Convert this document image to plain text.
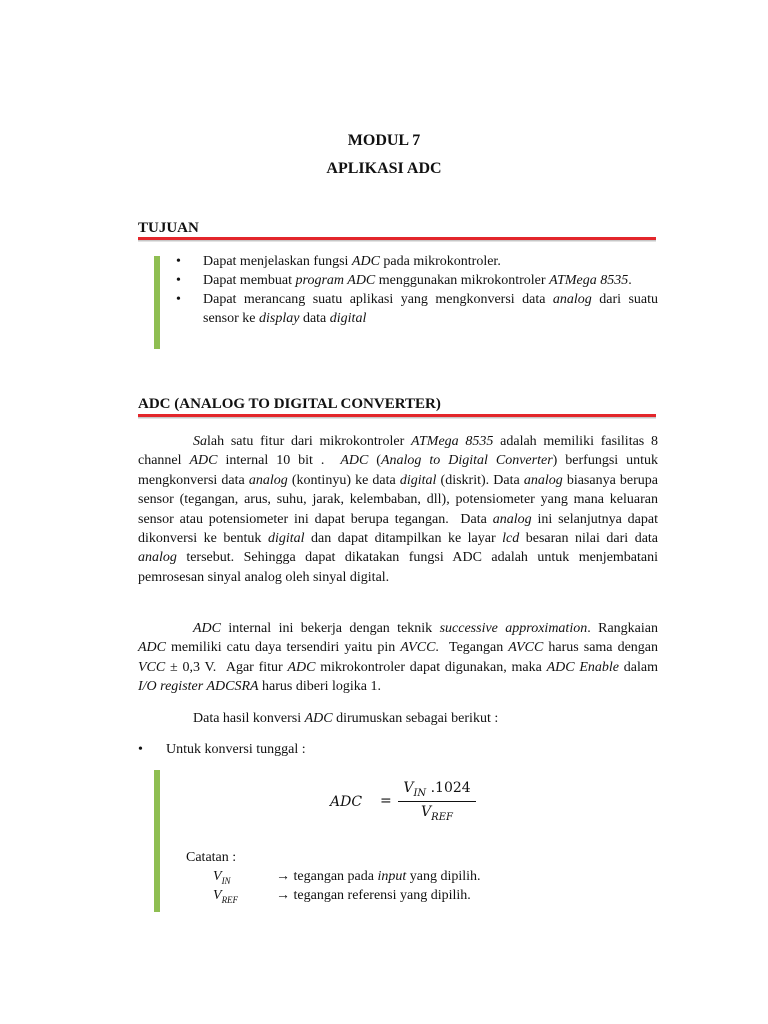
MODUL 7
APLIKASI ADC
TUJUAN
• Dapat menjelaskan fungsi ADC pada mikrokontroler.
• Dapat membuat program ADC menggunakan mikrokontroler ATMega 8535.
• Dapat merancang suatu aplikasi yang mengkonversi data analog dari suatu sensor ke display data digital
ADC (ANALOG TO DIGITAL CONVERTER)

Salah satu fitur dari mikrokontroler ATMega 8535 adalah memiliki fasilitas 8 channel ADC internal 10 bit .  ADC (Analog to Digital Converter) berfungsi untuk mengkonversi data analog (kontinyu) ke data digital (diskrit). Data analog biasanya berupa sensor (tegangan, arus, suhu, jarak, kelembaban, dll), potensiometer yang mana keluaran sensor atau potensiometer ini dapat berupa tegangan.  Data analog ini selanjutnya dapat dikonversi ke bentuk digital dan dapat ditampilkan ke layar lcd besaran nilai dari data analog tersebut. Sehingga dapat dikatakan fungsi ADC adalah untuk menjembatani pemrosesan sinyal analog oleh sinyal digital.

ADC internal ini bekerja dengan teknik successive approximation. Rangkaian ADC memiliki catu daya tersendiri yaitu pin AVCC.  Tegangan AVCC harus sama dengan VCC ± 0,3 V.  Agar fitur ADC mikrokontroler dapat digunakan, maka ADC Enable dalam I/O register ADCSRA harus diberi logika 1.

Data hasil konversi ADC dirumuskan sebagai berikut :

• Untuk konversi tunggal :
ADC =
$V_{IN}$ .1024
$V_{REF}$
Catatan :
$V_{IN}$	→ tegangan pada input yang dipilih.
$V_{REF}$	→ tegangan referensi yang dipilih.
